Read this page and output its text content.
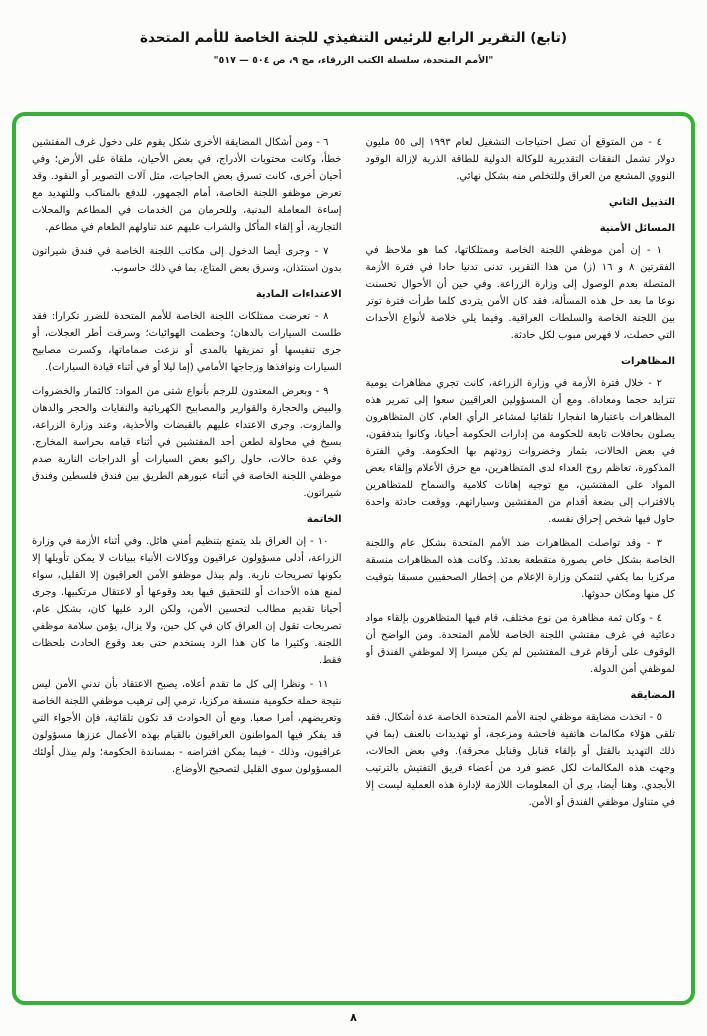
(تابع) التقرير الرابع للرئيس التنفيذي للجنة الخاصة للأمم المتحدة
"الأمم المتحدة، سلسلة الكتب الزرقاء، مج ٩، ص ٥٠٤ — ٥١٧"

٤ - من المتوقع أن تصل احتياجات التشغيل لعام ١٩٩٣ إلى ٥٥ مليون دولار تشمل النفقات التقديرية للوكالة الدولية للطاقة الذرية لإزالة الوقود النووي المشعع من العراق وللتخلص منه بشكل نهائي.

التذييل الثاني

المسائل الأمنية

١ - إن أمن موظفي اللجنة الخاصة وممتلكاتها، كما هو ملاحظ في الفقرتين ٨ و ١٦ (ز) من هذا التقرير، تدنى تدنيا حادا في فترة الأزمة المتصلة بعدم الوصول إلى وزارة الزراعة. وفي حين أن الأحوال تحسنت نوعا ما بعد حل هذه المسألة، فقد كان الأمن يتردى كلما طرأت فترة توتر بين اللجنة الخاصة والسلطات العراقية. وفيما يلي خلاصة لأنواع الأحداث التي حصلت، لا فهرس مبوب لكل حادثة.

المظاهرات

٢ - خلال فترة الأزمة في وزارة الزراعة، كانت تجري مظاهرات يومية تتزايد حجما ومعاداة. ومع أن المسؤولين العراقيين سعوا إلى تمرير هذه المظاهرات باعتبارها انفجارا تلقائيا لمشاعر الرأي العام، كان المتظاهرون يصلون بحافلات تابعة للحكومة من إدارات الحكومة أحيانا، وكانوا يتدفقون، في بعض الحالات، بثمار وخضروات زودتهم بها الحكومة. وفي الفترة المذكورة، تعاظم روح العداء لدى المتظاهرين، مع حرق الأعلام وإلقاء بعض المواد على المفتشين، مع توجيه إهانات كلامية والسماح للمتظاهرين بالاقتراب إلى بضعة أقدام من المفتشين وسياراتهم. ووقعت حادثة واحدة حاول فيها شخص إحراق نفسه.

٣ - وقد تواصلت المظاهرات ضد الأمم المتحدة بشكل عام واللجنة الخاصة بشكل خاص بصورة متقطعة بعدئذ. وكانت هذه المظاهرات منسقة مركزيا بما يكفي لتتمكن وزارة الإعلام من إخطار الصحفيين مسبقا بتوقيت كل منها ومكان حدوثها.

٤ - وكان ثمة مظاهرة من نوع مختلف، قام فيها المتظاهرون بإلقاء مواد دعائية في غرف مفتشي اللجنة الخاصة للأمم المتحدة. ومن الواضح أن الوقوف على أرقام غرف المفتشين لم يكن ميسرا إلا لموظفي الفندق أو لموظفي أمن الدولة.

المضايقة

٥ - اتخذت مضايقة موظفي لجنة الأمم المتحدة الخاصة عدة أشكال. فقد تلقى هؤلاء مكالمات هاتفية فاحشة ومزعجة، أو تهديدات بالعنف (بما في ذلك التهديد بالقتل أو بإلقاء قنابل وقنابل محرقة). وفي بعض الحالات، وجهت هذه المكالمات لكل عضو فرد من أعضاء فريق التفتيش بالترتيب الأبجدي. وهنا أيضا، يرى أن المعلومات اللازمة لإدارة هذه العملية ليست إلا في متناول موظفي الفندق أو الأمن.

٦ - ومن أشكال المضايقة الأخرى شكل يقوم على دخول غرف المفتشين خطأ، وكانت محتويات الأدراج، في بعض الأحيان، ملقاة على الأرض؛ وفي أحيان أخرى، كانت تسرق بعض الحاجيات، مثل آلات التصوير أو النقود. وقد تعرض موظفو اللجنة الخاصة، أمام الجمهور، للدفع بالمناكب وللتهديد مع إساءة المعاملة البدنية، وللحرمان من الخدمات في المطاعم والمحلات التجارية، أو إلقاء المأكل والشراب عليهم عند تناولهم الطعام في مطاعم.

٧ - وجرى أيضا الدخول إلى مكاتب اللجنة الخاصة في فندق شيراتون بدون استئذان، وسرق بعض المتاع، بما في ذلك حاسوب.

الاعتداءات المادية

٨ - تعرضت ممتلكات اللجنة الخاصة للأمم المتحدة للضرر تكرارا: فقد طلست السيارات بالدهان؛ وحطمت الهوائيات؛ وسرقت أطر العجلات، أو جرى تنفيسها أو تمزيقها بالمدى أو نزعت صماماتها، وكسرت مصابيح السيارات ونوافذها وزجاجها الأمامي (إما ليلا أو في أثناء قيادة السيارات).

٩ - وبعرض المعتدون للرجم بأنواع شتى من المواد: كالثمار والخضروات والبيض والحجارة والقوارير والمصابيح الكهربائية والنفايات والحجر والدهان والمازوت. وجرى الاعتداء عليهم بالقبضات والأحذية، وعند وزارة الزراعة، بسيخ في محاولة لطعن أحد المفتشين في أثناء قيامه بحراسة المخارج. وفي عدة حالات، حاول راكبو بعض السيارات أو الدراجات النارية صدم موظفي اللجنة الخاصة في أثناء عبورهم الطريق بين فندق فلسطين وفندق شيراتون.

الخاتمة

١٠ - إن العراق بلد يتمتع بتنظيم أمني هائل. وفي أثناء الأزمة في وزارة الزراعة، أدلى مسؤولون عراقيون ووكالات الأنباء ببيانات لا يمكن تأويلها إلا بكونها تصريحات نارية. ولم يبذل موظفو الأمن العراقيون إلا القليل، سواء لمنع هذه الأحداث أو للتحقيق فيها بعد وقوعها أو لاعتقال مرتكبيها. وجرى أحيانا تقديم مطالب لتحسين الأمن، ولكن الرد عليها كان، بشكل عام، تصريحات تقول إن العراق كان في كل حين، ولا يزال، يؤمن سلامة موظفي اللجنة. وكثيرا ما كان هذا الرد يستخدم حتى بعد وقوع الحادث بلحظات فقط.

١١ - ونظرا إلى كل ما تقدم أعلاه، يصبح الاعتقاد بأن تدني الأمن ليس نتيجة حملة حكومية منسقة مركزيا، ترمي إلى ترهيب موظفي اللجنة الخاصة وتعريضهم، أمرا صعبا. ومع أن الحوادث قد تكون تلقائية، فإن الأجواء التي قد يفكر فيها المواطنون العراقيون بالقيام بهذه الأعمال عززها مسؤولون عراقيون، وذلك - فيما يمكن افتراضه - بمساندة الحكومة؛ ولم يبذل أولئك المسؤولون سوى القليل لتصحيح الأوضاع.

٨
